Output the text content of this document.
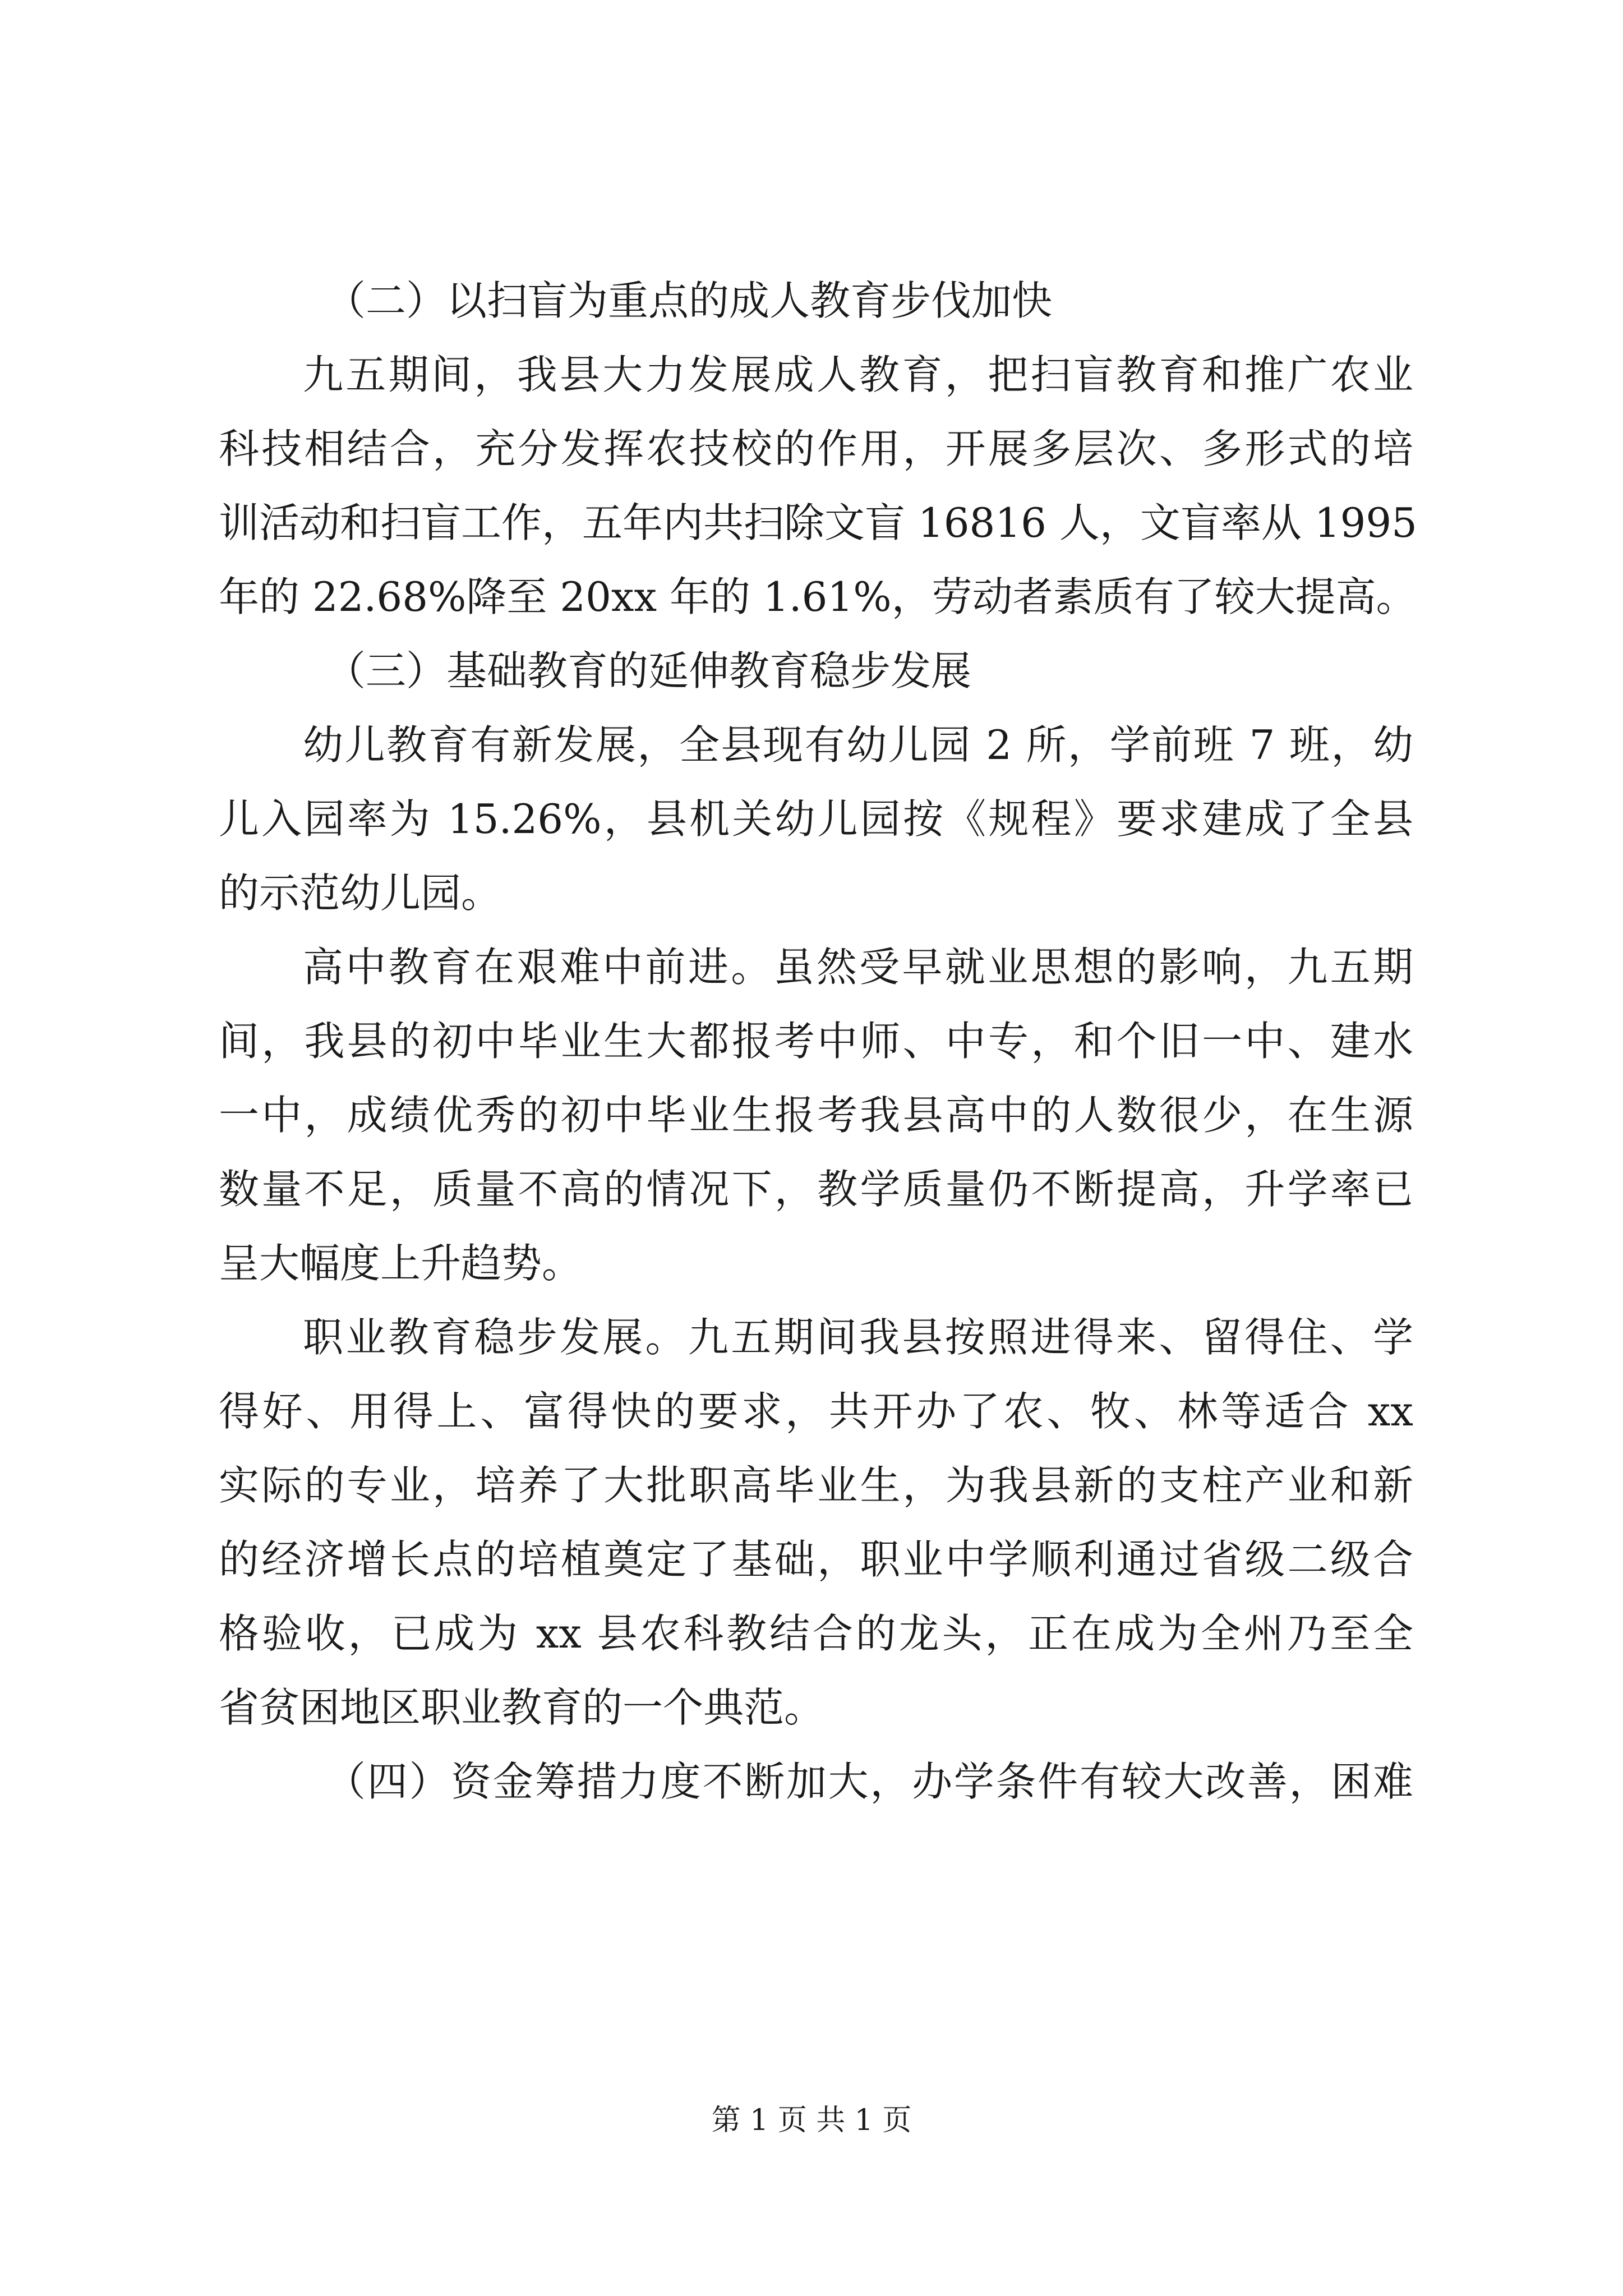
（二）以扫盲为重点的成人教育步伐加快
九五期间，我县大力发展成人教育，把扫盲教育和推广农业
科技相结合，充分发挥农技校的作用，开展多层次、多形式的培
训活动和扫盲工作，五年内共扫除文盲 16816 人，文盲率从 1995
年的 22.68%降至 20xx 年的 1.61%，劳动者素质有了较大提高。
（三）基础教育的延伸教育稳步发展
幼儿教育有新发展，全县现有幼儿园 2 所，学前班 7 班，幼
儿入园率为 15.26%，县机关幼儿园按《规程》要求建成了全县
的示范幼儿园。
高中教育在艰难中前进。虽然受早就业思想的影响，九五期
间，我县的初中毕业生大都报考中师、中专，和个旧一中、建水
一中，成绩优秀的初中毕业生报考我县高中的人数很少，在生源
数量不足，质量不高的情况下，教学质量仍不断提高，升学率已
呈大幅度上升趋势。
职业教育稳步发展。九五期间我县按照进得来、留得住、学
得好、用得上、富得快的要求，共开办了农、牧、林等适合 xx
实际的专业，培养了大批职高毕业生，为我县新的支柱产业和新
的经济增长点的培植奠定了基础，职业中学顺利通过省级二级合
格验收，已成为 xx 县农科教结合的龙头，正在成为全州乃至全
省贫困地区职业教育的一个典范。
（四）资金筹措力度不断加大，办学条件有较大改善，困难
第 1 页 共 1 页
